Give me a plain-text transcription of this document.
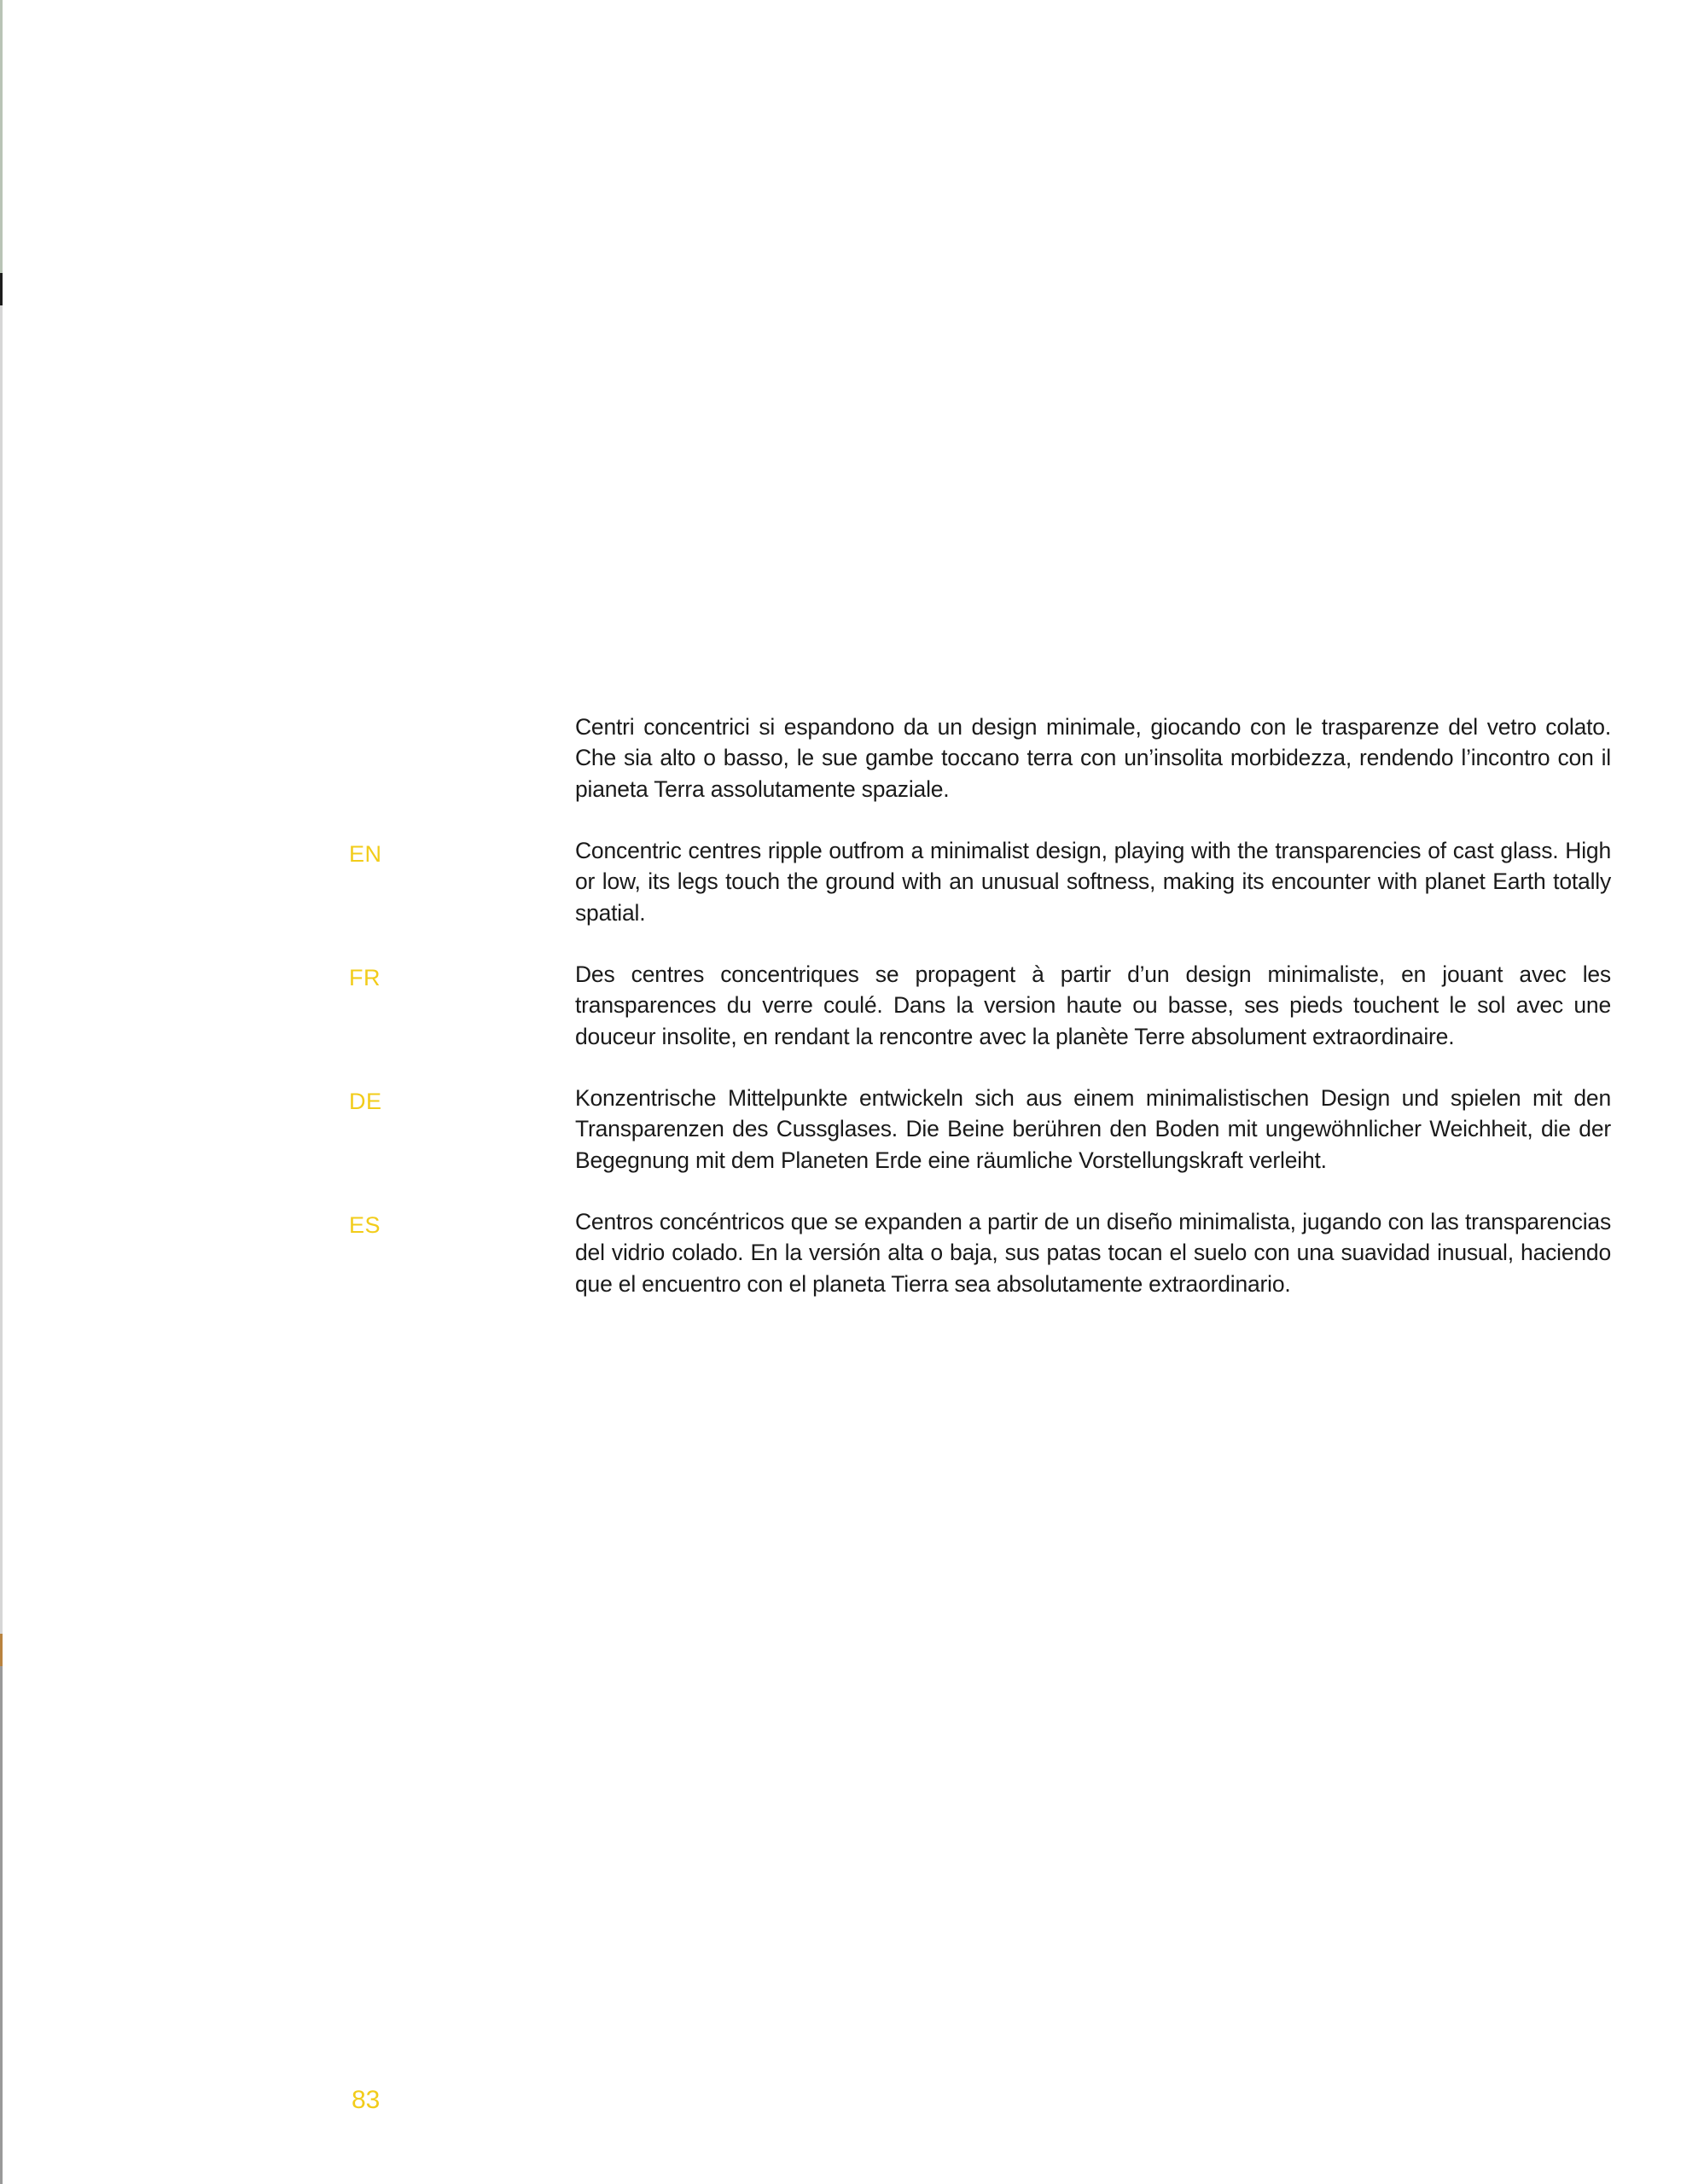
Centri concentrici si espandono da un design minimale, giocando con le trasparenze del vetro colato. Che sia alto o basso, le sue gambe toccano terra con un’insolita morbidezza, rendendo l’incontro con il pianeta Terra assolutamente spaziale.

EN	Concentric centres ripple outfrom a minimalist design, playing with the transparencies of cast glass. High or low, its legs touch the ground with an unusual softness, making its encounter with planet Earth totally spatial.

FR	Des centres concentriques se propagent à partir d’un design minimaliste, en jouant avec les transparences du verre coulé. Dans la version haute ou basse, ses pieds touchent le sol avec une douceur insolite, en rendant la rencontre avec la planète Terre absolument extraordinaire.

DE	Konzentrische Mittelpunkte entwickeln sich aus einem minimalistischen Design und spielen mit den Transparenzen des Cussglases. Die Beine berühren den Boden mit ungewöhnlicher Weichheit, die der Begegnung mit dem Planeten Erde eine räumliche Vorstellungskraft verleiht.

ES	Centros concéntricos que se expanden a partir de un diseño minimalista, jugando con las transparencias del vidrio colado. En la versión alta o baja, sus patas tocan el suelo con una suavidad inusual, haciendo que el encuentro con el planeta Tierra sea absolutamente extraordinario.

83
